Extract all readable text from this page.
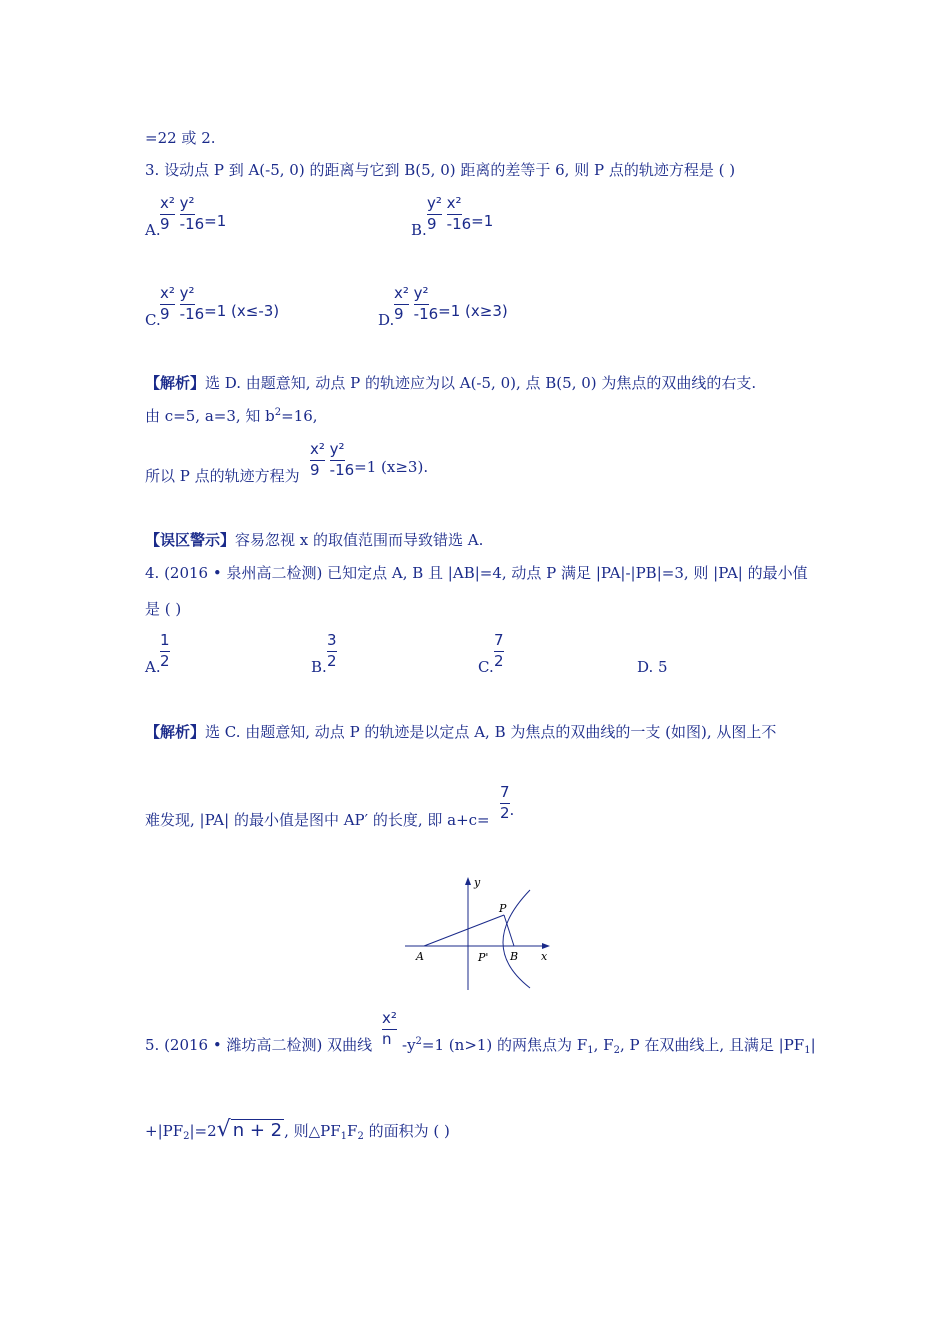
=22 或 2.
3. 设动点 P 到 A(-5, 0) 的距离与它到 B(5, 0) 距离的差等于 6, 则 P 点的轨迹方程是 ( )
A. $\frac{\text{x²}}{9} \frac{\text{y²}}{-16}$
=1	B. $\frac{\text{y²}}{9} \frac{\text{x²}}{-16}$
=1
C. $\frac{\text{x²}}{9} \frac{\text{y²}}{-16}$
=1 (x≤-3)	D. $\frac{\text{x²}}{9} \frac{\text{y²}}{-16}$
=1 (x≥3)
【解析】选 D. 由题意知, 动点 P 的轨迹应为以 A(-5, 0), 点 B(5, 0) 为焦点的双曲线的右支.
由 c=5, a=3, 知 $b^2=16$,
所以 P 点的轨迹方程为 $\frac{\text{x²}}{9} \frac{\text{y²}}{-16}$
=1 (x≥3).
【误区警示】容易忽视 x 的取值范围而导致错选 A.
4. (2016 • 泉州高二检测) 已知定点 A, B 且 |AB|=4, 动点 P 满足 |PA|-|PB|=3, 则 |PA| 的最小值
是 ( )
A. $\frac{1}{2}$	B. $\frac{3}{2}$	C. $\frac{7}{2}$	D. 5
【解析】选 C. 由题意知, 动点 P 的轨迹是以定点 A, B 为焦点的双曲线的一支 (如图), 从图上不
难发现, |PA| 的最小值是图中 AP′ 的长度, 即 $a+c= \frac{7}{2}$
.
y
x
P
A	P' B
5. (2016 • 潍坊高二检测) 双曲线 $\frac{\text{x²}}{n} -y^2=1$ (n>1) 的两焦点为 $F_1$, $F_2$, P 在双曲线上, 且满足 $|PF_1|$
$+|PF_2|=2√$ n + 2 , 则$\triangle PF_1F_2$ 的面积为 ( )
